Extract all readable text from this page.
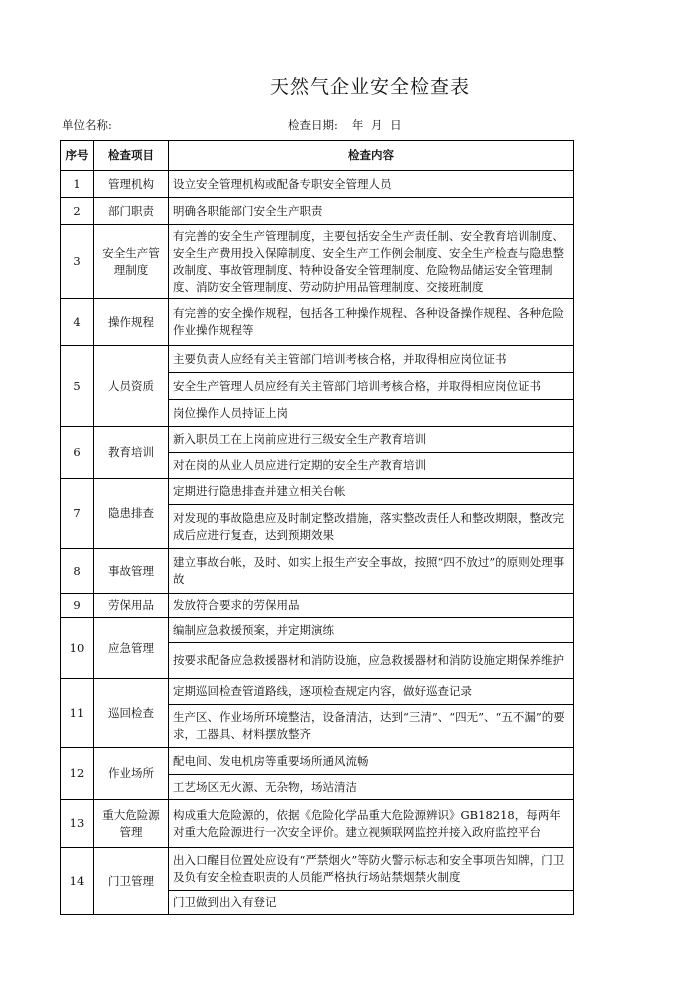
天然气企业安全检查表
单位名称:	检查日期: 年 月 日
序号	检查项目	检查内容
1	管理机构	设立安全管理机构或配备专职安全管理人员
2	部门职责	明确各职能部门安全生产职责
3	安全生产管理制度	有完善的安全生产管理制度，主要包括安全生产责任制、安全教育培训制度、安全生产费用投入保障制度、安全生产工作例会制度、安全生产检查与隐患整改制度、事故管理制度、特种设备安全管理制度、危险物品储运安全管理制度、消防安全管理制度、劳动防护用品管理制度、交接班制度
4	操作规程	有完善的安全操作规程，包括各工种操作规程、各种设备操作规程、各种危险作业操作规程等
5	人员资质	主要负责人应经有关主管部门培训考核合格，并取得相应岗位证书
		安全生产管理人员应经有关主管部门培训考核合格，并取得相应岗位证书
		岗位操作人员持证上岗
6	教育培训	新入职员工在上岗前应进行三级安全生产教育培训
		对在岗的从业人员应进行定期的安全生产教育培训
7	隐患排查	定期进行隐患排查并建立相关台帐
		对发现的事故隐患应及时制定整改措施，落实整改责任人和整改期限，整改完成后应进行复查，达到预期效果
8	事故管理	建立事故台帐，及时、如实上报生产安全事故，按照“四不放过”的原则处理事故
9	劳保用品	发放符合要求的劳保用品
10	应急管理	编制应急救援预案，并定期演练
		按要求配备应急救援器材和消防设施，应急救援器材和消防设施定期保养维护
11	巡回检查	定期巡回检查管道路线，逐项检查规定内容，做好巡查记录
		生产区、作业场所环境整洁，设备清洁，达到“三清”、“四无”、“五不漏”的要求，工器具、材料摆放整齐
12	作业场所	配电间、发电机房等重要场所通风流畅
		工艺场区无火源、无杂物，场站清洁
13	重大危险源管理	构成重大危险源的，依据《危险化学品重大危险源辨识》GB18218，每两年对重大危险源进行一次安全评价。建立视频联网监控并接入政府监控平台
14	门卫管理	出入口醒目位置处应设有“严禁烟火”等防火警示标志和安全事项告知牌，门卫及负有安全检查职责的人员能严格执行场站禁烟禁火制度
		门卫做到出入有登记
